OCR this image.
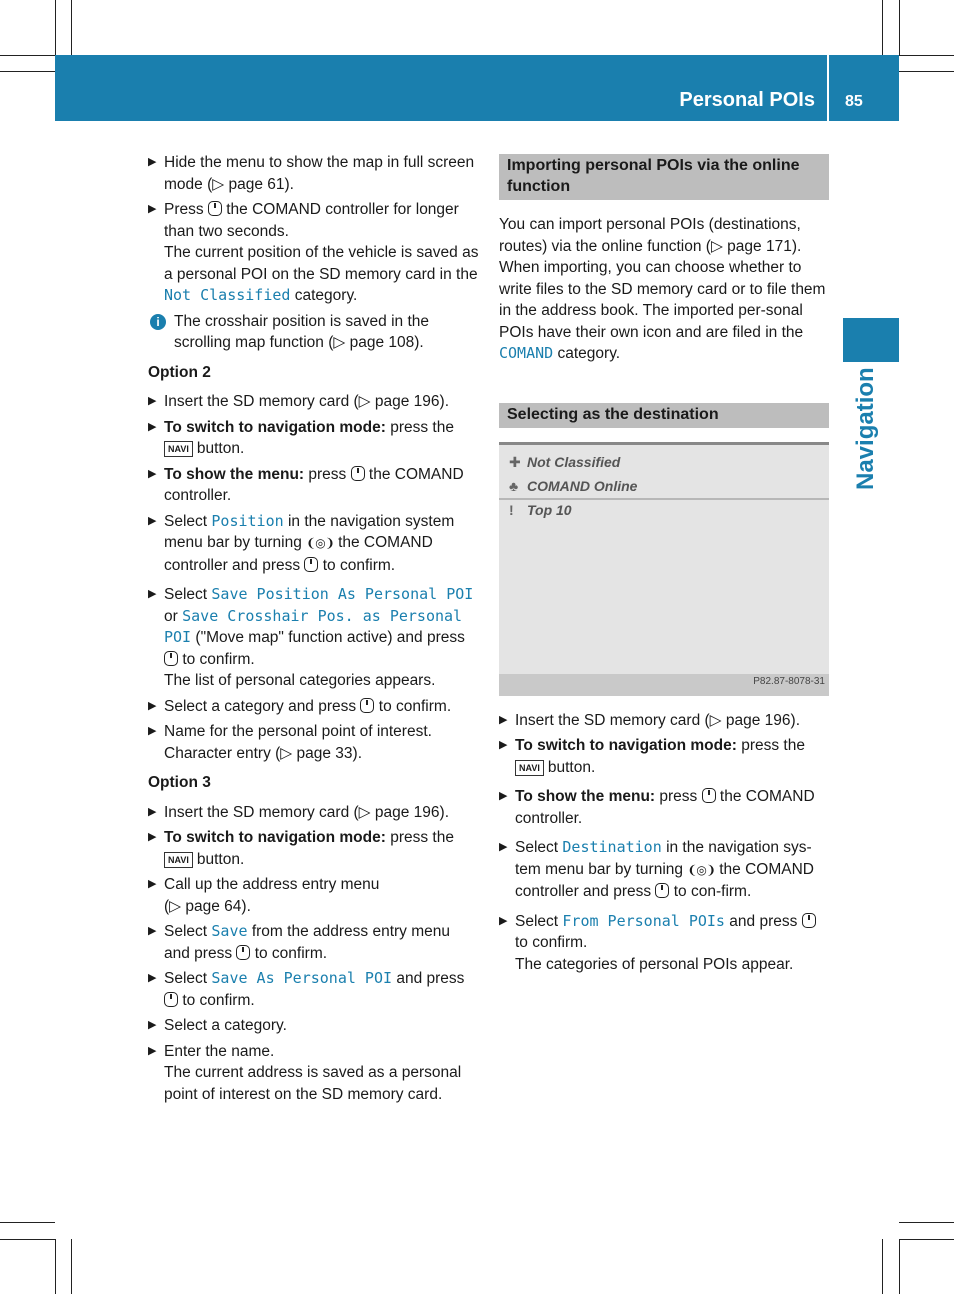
Personal POIs 85
Navigation
▶ Hide the menu to show the map in full screen mode (▷ page 61).
▶ Press the COMAND controller for longer than two seconds.
The current position of the vehicle is saved as a personal POI on the SD memory card in the Not Classified category.
i The crosshair position is saved in the scrolling map function (▷ page 108).
Option 2
▶ Insert the SD memory card (▷ page 196).
▶ To switch to navigation mode: press the
NAVI button.
▶ To show the menu: press the COMAND controller.
▶ Select Position in the navigation system menu bar by turning ❨◎❩ the COMAND controller and press to confirm.
▶ Select Save Position As Personal POI or Save Crosshair Pos. as Personal POI ("Move map" function active) and press  to confirm.
The list of personal categories appears.
▶ Select a category and press to confirm.
▶ Name for the personal point of interest.
Character entry (▷ page 33).
Option 3
▶ Insert the SD memory card (▷ page 196).
▶ To switch to navigation mode: press the
NAVI button.
▶ Call up the address entry menu
(▷ page 64).
▶ Select Save from the address entry menu and press to confirm.
▶ Select Save As Personal POI and press
to confirm.
▶ Select a category.
▶ Enter the name.
The current address is saved as a personal point of interest on the SD memory card.
Importing personal POIs via the online function
You can import personal POIs (destinations, routes) via the online function (▷ page 171). When importing, you can choose whether to write files to the SD memory card or to file them in the address book. The imported per-sonal POIs have their own icon and are filed in the COMAND category.
Selecting as the destination
✚ Not Classified
♣ COMAND Online
! Top 10
P82.87-8078-31
▶ Insert the SD memory card (▷ page 196).
▶ To switch to navigation mode: press the
NAVI button.
▶ To show the menu: press the COMAND controller.
▶ Select Destination in the navigation sys-tem menu bar by turning ❨◎❩ the COMAND controller and press to con-firm.
▶ Select From Personal POIs and press  to confirm.
The categories of personal POIs appear.
